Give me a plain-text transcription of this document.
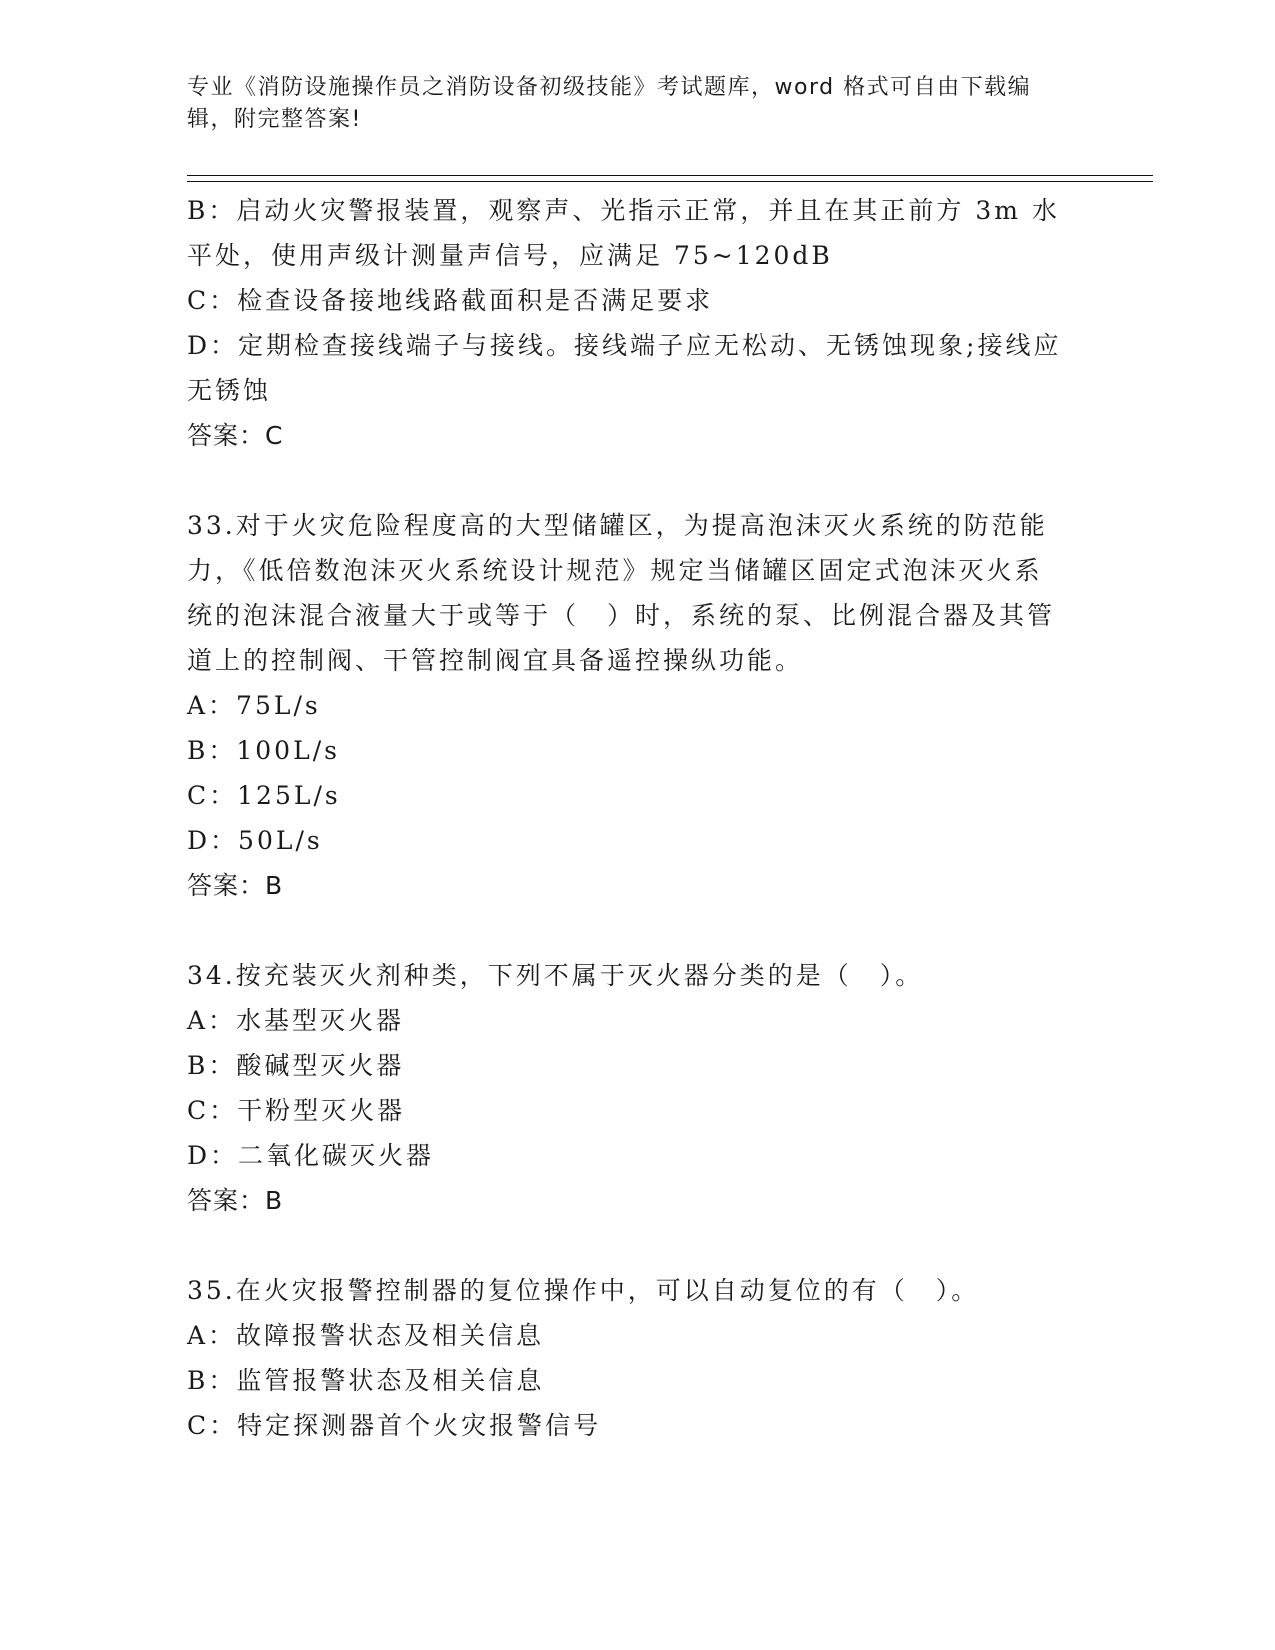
专业《消防设施操作员之消防设备初级技能》考试题库，word 格式可自由下载编辑，附完整答案!

B：启动火灾警报装置，观察声、光指示正常，并且在其正前方 3m 水平处，使用声级计测量声信号，应满足 75~120dB

C：检查设备接地线路截面积是否满足要求

D：定期检查接线端子与接线。接线端子应无松动、无锈蚀现象;接线应无锈蚀

答案：C

33.对于火灾危险程度高的大型储罐区，为提高泡沫灭火系统的防范能力，《低倍数泡沫灭火系统设计规范》规定当储罐区固定式泡沫灭火系统的泡沫混合液量大于或等于（　）时，系统的泵、比例混合器及其管道上的控制阀、干管控制阀宜具备遥控操纵功能。

A：75L/s

B：100L/s

C：125L/s

D：50L/s

答案：B

34.按充装灭火剂种类，下列不属于灭火器分类的是（　）。

A：水基型灭火器

B：酸碱型灭火器

C：干粉型灭火器

D：二氧化碳灭火器

答案：B

35.在火灾报警控制器的复位操作中，可以自动复位的有（　）。

A：故障报警状态及相关信息

B：监管报警状态及相关信息

C：特定探测器首个火灾报警信号
